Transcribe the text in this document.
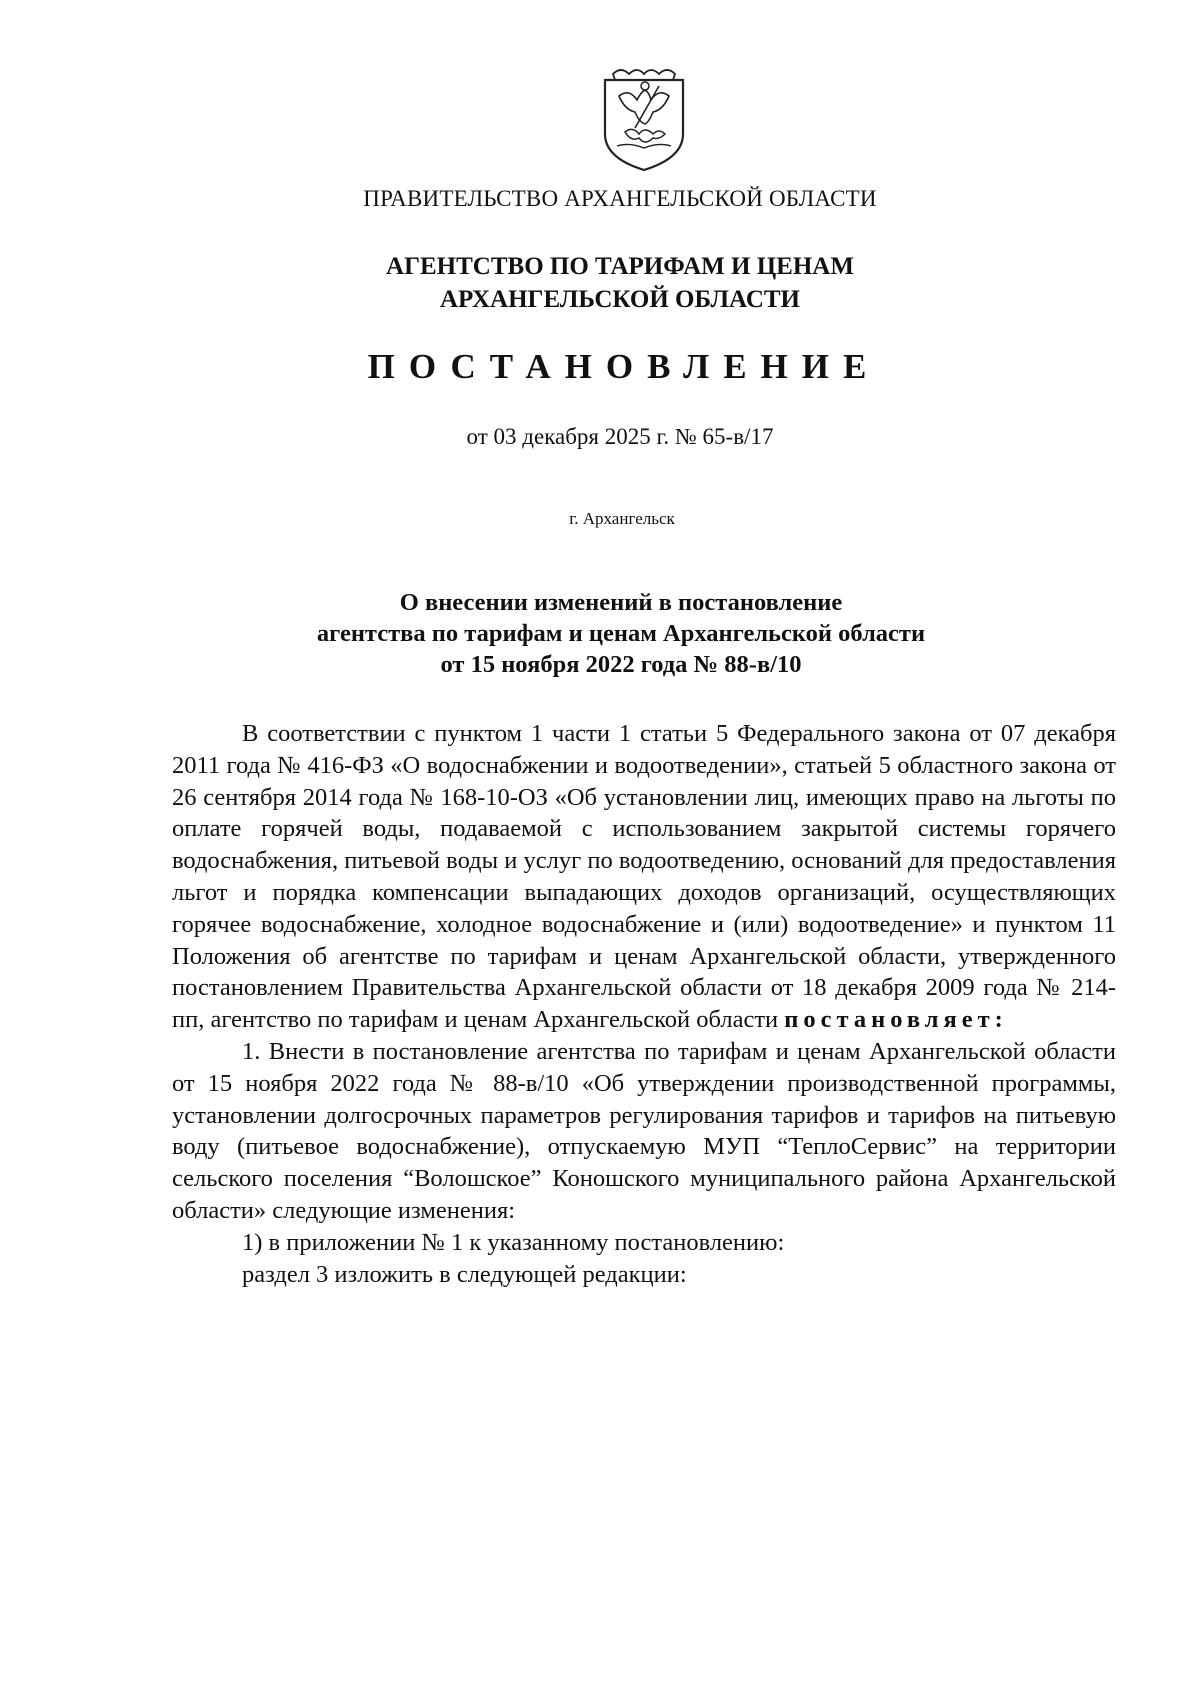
ПРАВИТЕЛЬСТВО АРХАНГЕЛЬСКОЙ ОБЛАСТИ
АГЕНТСТВО ПО ТАРИФАМ И ЦЕНАМ
АРХАНГЕЛЬСКОЙ ОБЛАСТИ
ПОСТАНОВЛЕНИЕ
от 03 декабря 2025 г. № 65-в/17
г. Архангельск
О внесении изменений в постановление
агентства по тарифам и ценам Архангельской области
от 15 ноября 2022 года № 88-в/10

В соответствии с пунктом 1 части 1 статьи 5 Федерального закона от 07 декабря 2011 года № 416-ФЗ «О водоснабжении и водоотведении», статьей 5 областного закона от 26 сентября 2014 года № 168-10-ОЗ «Об установлении лиц, имеющих право на льготы по оплате горячей воды, подаваемой с использованием закрытой системы горячего водоснабжения, питьевой воды и услуг по водоотведению, оснований для предоставления льгот и порядка компенсации выпадающих доходов организаций, осуществляющих горячее водоснабжение, холодное водоснабжение и (или) водоотведение» и пунктом 11 Положения об агентстве по тарифам и ценам Архангельской области, утвержденного постановлением Правительства Архангельской области от 18 декабря 2009 года № 214-пп, агентство по тарифам и ценам Архангельской области постановляет:

1. Внести в постановление агентства по тарифам и ценам Архангельской области от 15 ноября 2022 года № 88-в/10 «Об утверждении производственной программы, установлении долгосрочных параметров регулирования тарифов и тарифов на питьевую воду (питьевое водоснабжение), отпускаемую МУП “ТеплоСервис” на территории сельского поселения “Волошское” Коношского муниципального района Архангельской области» следующие изменения:

1) в приложении № 1 к указанному постановлению:

раздел 3 изложить в следующей редакции:
